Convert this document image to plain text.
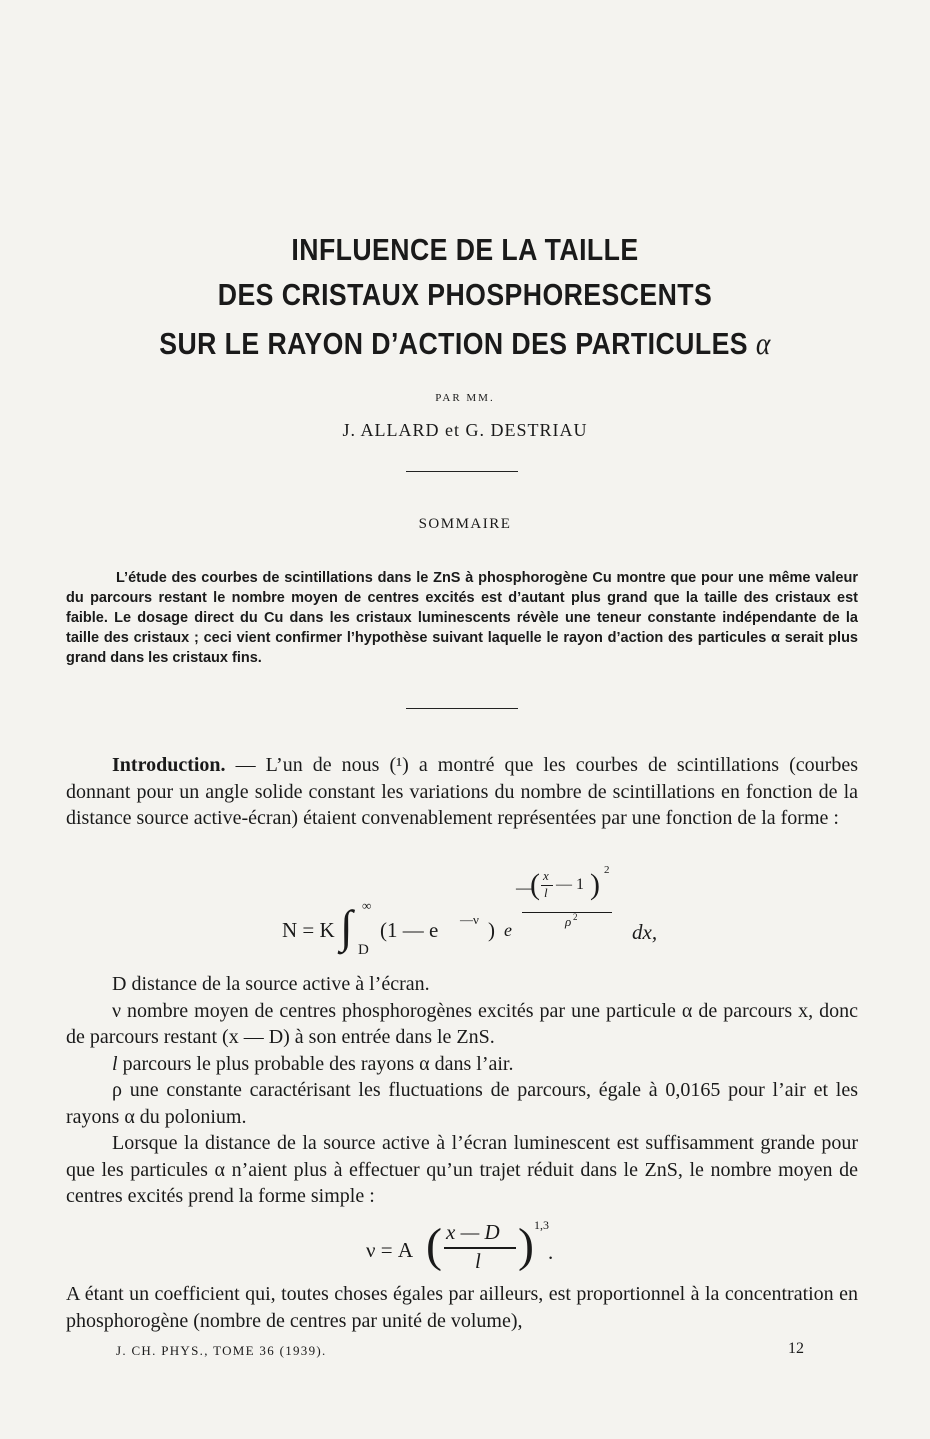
INFLUENCE DE LA TAILLE
DES CRISTAUX PHOSPHORESCENTS
SUR LE RAYON D’ACTION DES PARTICULES α
PAR MM.
J. ALLARD et G. DESTRIAU
SOMMAIRE

L’étude des courbes de scintillations dans le ZnS à phosphorogène Cu montre que pour une même valeur du parcours restant le nombre moyen de centres excités est d’autant plus grand que la taille des cristaux est faible. Le dosage direct du Cu dans les cristaux luminescents révèle une teneur constante indépendante de la taille des cristaux ; ceci vient confirmer l’hypothèse suivant laquelle le rayon d’action des particules α serait plus grand dans les cristaux fins.

Introduction. — L’un de nous (¹) a montré que les courbes de scintillations (courbes donnant pour un angle solide constant les variations du nombre de scintillations en fonction de la distance source active-écran) étaient convenablement représentées par une fonction de la forme :

N = K ∫ ∞
D
(1 — e —ν ) e
—
( x
l — 1 ) 2
ρ 2
dx,

D distance de la source active à l’écran.

ν nombre moyen de centres phosphorogènes excités par une particule α de parcours x, donc de parcours restant (x — D) à son entrée dans le ZnS.

l parcours le plus probable des rayons α dans l’air.

ρ une constante caractérisant les fluctuations de parcours, égale à 0,0165 pour l’air et les rayons α du polonium.

Lorsque la distance de la source active à l’écran luminescent est suffisamment grande pour que les particules α n’aient plus à effectuer qu’un trajet réduit dans le ZnS, le nombre moyen de centres excités prend la forme simple :

ν = A ( x — D
l ) 1,3
.

A étant un coefficient qui, toutes choses égales par ailleurs, est proportionnel à la concentration en phosphorogène (nombre de centres par unité de volume),

J. CH. PHYS., TOME 36 (1939).	12
